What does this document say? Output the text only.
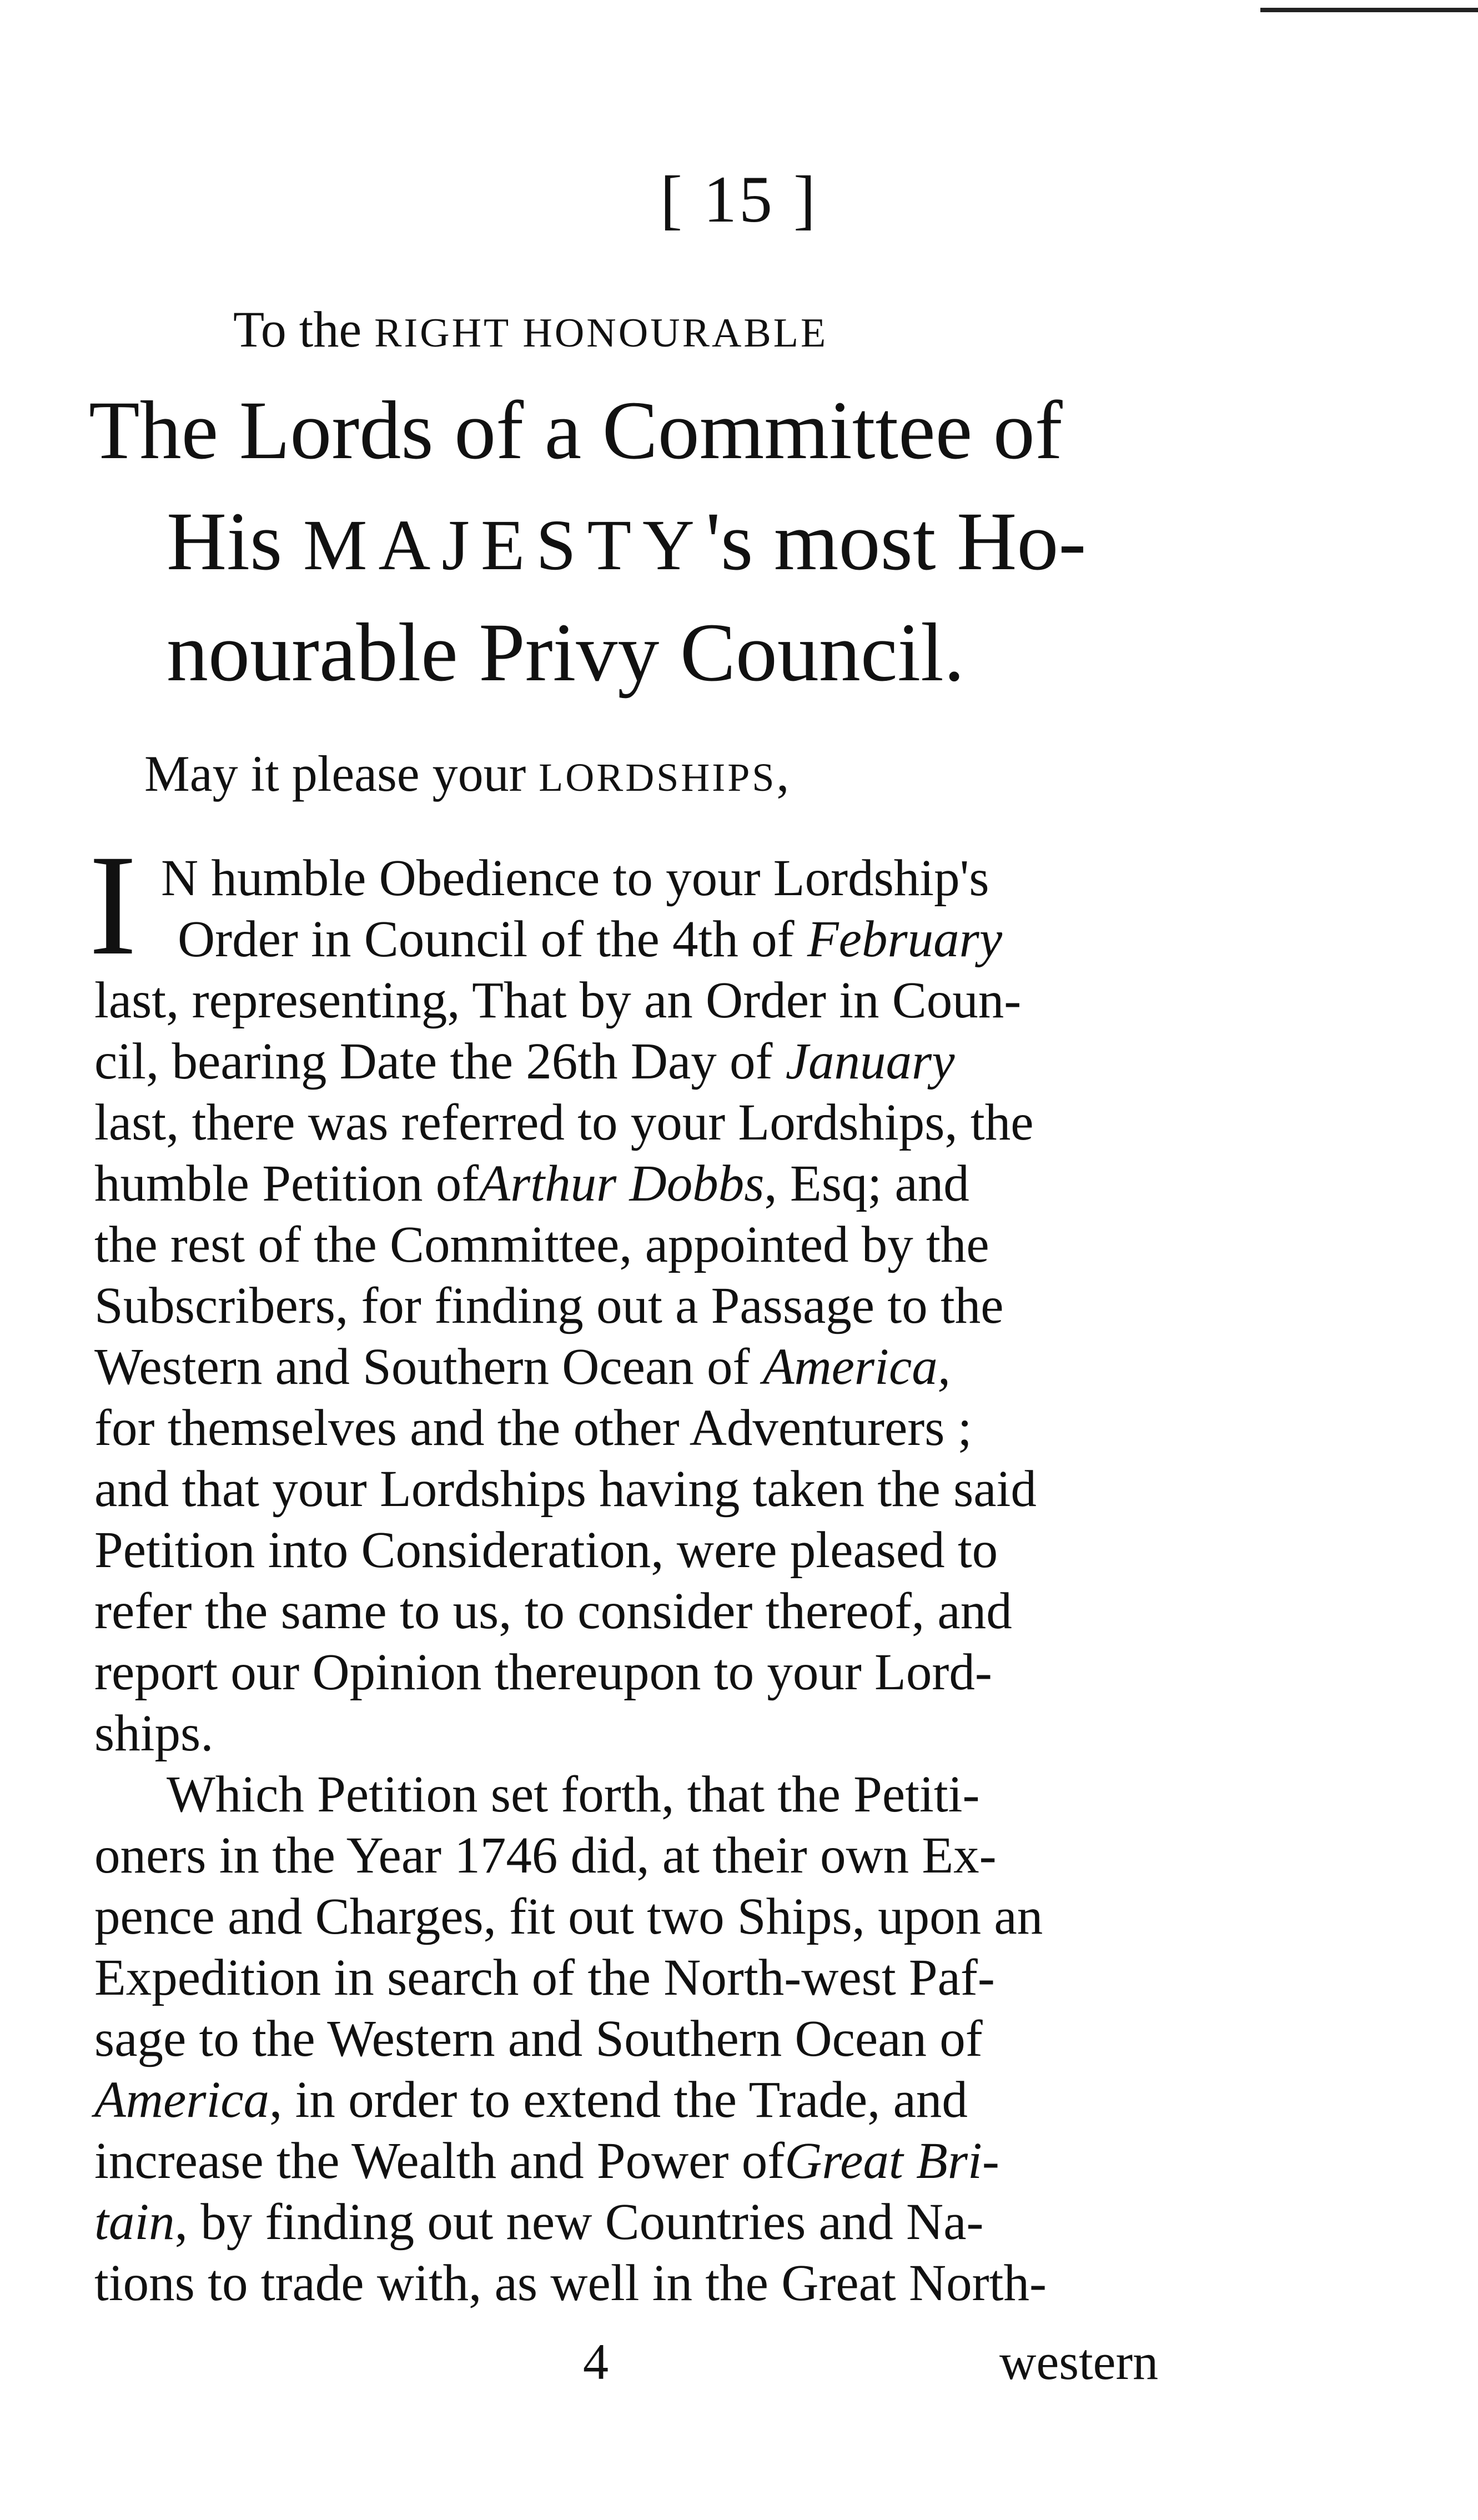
[ 15 ]
To the RIGHT HONOURABLE
The Lords of a Committee of
His MAJESTY's most Ho-
nourable Privy Council.
May it please your LORDSHIPS,
I N humble Obedience to your Lordship's
Order in Council of the 4th of
February
last, representing, That by an Order in Coun-
cil, bearing Date the 26th Day of
January
last, there was referred to your Lordships, the
humble Petition of Arthur Dobbs , Esq; and
the rest of the Committee, appointed by the
Subscribers, for finding out a Passage to the
Western and Southern Ocean of
America,
for themselves and the other Adventurers ;
and that your Lordships having taken the said
Petition into Consideration, were pleased to
refer the same to us, to consider thereof, and
report our Opinion thereupon to your Lord-
ships.
Which Petition set forth, that the Petiti-
oners in the Year 1746 did, at their own Ex-
pence and Charges, fit out two Ships, upon an
Expedition in search of the North-west Paf-
sage to the Western and Southern Ocean of
America , in order to extend the Trade, and
increase the Wealth and Power of Great Bri-
tain , by finding out new Countries and Na-
tions to trade with, as well in the Great North-
4	western
